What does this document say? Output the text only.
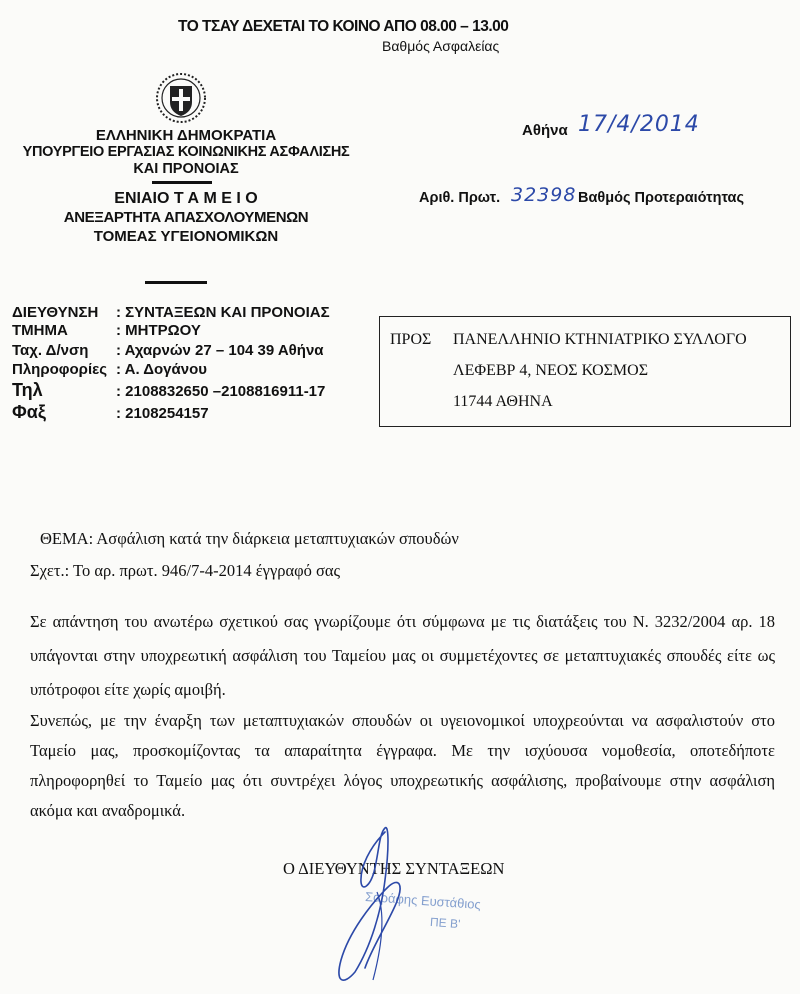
ΤΟ ΤΣΑΥ ΔΕΧΕΤΑΙ ΤΟ ΚΟΙΝΟ ΑΠΟ 08.00 – 13.00
Βαθμός Ασφαλείας
ΕΛΛΗΝΙΚΗ ΔΗΜΟΚΡΑΤΙΑ
ΥΠΟΥΡΓΕΙΟ ΕΡΓΑΣΙΑΣ ΚΟΙΝΩΝΙΚΗΣ ΑΣΦΑΛΙΣΗΣ
ΚΑΙ ΠΡΟΝΟΙΑΣ
ΕΝΙΑΙΟ Τ Α Μ Ε Ι Ο
ΑΝΕΞΑΡΤΗΤΑ ΑΠΑΣΧΟΛΟΥΜΕΝΩΝ
ΤΟΜΕΑΣ ΥΓΕΙΟΝΟΜΙΚΩΝ
Αθήνα 17/4/2014
Αριθ. Πρωτ. 32398 Βαθμός Προτεραιότητας
ΔΙΕΥΘΥΝΣΗ : ΣΥΝΤΑΞΕΩΝ ΚΑΙ ΠΡΟΝΟΙΑΣ
ΤΜΗΜΑ	: ΜΗΤΡΩΟΥ
Ταχ. Δ/νση : Αχαρνών 27 – 104 39 Αθήνα
Πληροφορίες : Α. Δογάνου
Τηλ	: 2108832650 –2108816911-17
Φαξ	: 2108254157
ΠΡΟΣ ΠΑΝΕΛΛΗΝΙΟ ΚΤΗΝΙΑΤΡΙΚΟ ΣΥΛΛΟΓΟ
ΛΕΦΕΒΡ 4, ΝΕΟΣ ΚΟΣΜΟΣ
11744 ΑΘΗΝΑ
ΘΕΜΑ: Ασφάλιση κατά την διάρκεια μεταπτυχιακών σπουδών
Σχετ.: Το αρ. πρωτ. 946/7-4-2014 έγγραφό σας
Σε απάντηση του ανωτέρω σχετικού σας γνωρίζουμε ότι σύμφωνα με τις διατάξεις του Ν. 3232/2004 αρ. 18
υπάγονται στην υποχρεωτική ασφάλιση του Ταμείου μας οι συμμετέχοντες σε μεταπτυχιακές σπουδές είτε ως
υπότροφοι είτε χωρίς αμοιβή.
Συνεπώς, με την έναρξη των μεταπτυχιακών σπουδών οι υγειονομικοί υποχρεούνται να ασφαλιστούν στο
Ταμείο μας, προσκομίζοντας τα απαραίτητα έγγραφα. Με την ισχύουσα νομοθεσία, οποτεδήποτε
πληροφορηθεί το Ταμείο μας ότι συντρέχει λόγος υποχρεωτικής ασφάλισης, προβαίνουμε στην ασφάλιση
ακόμα και αναδρομικά.
Ο ΔΙΕΥΘΥΝΤΗΣ ΣΥΝΤΑΞΕΩΝ
Σαράφης Ευστάθιος
ΠΕ Β'
